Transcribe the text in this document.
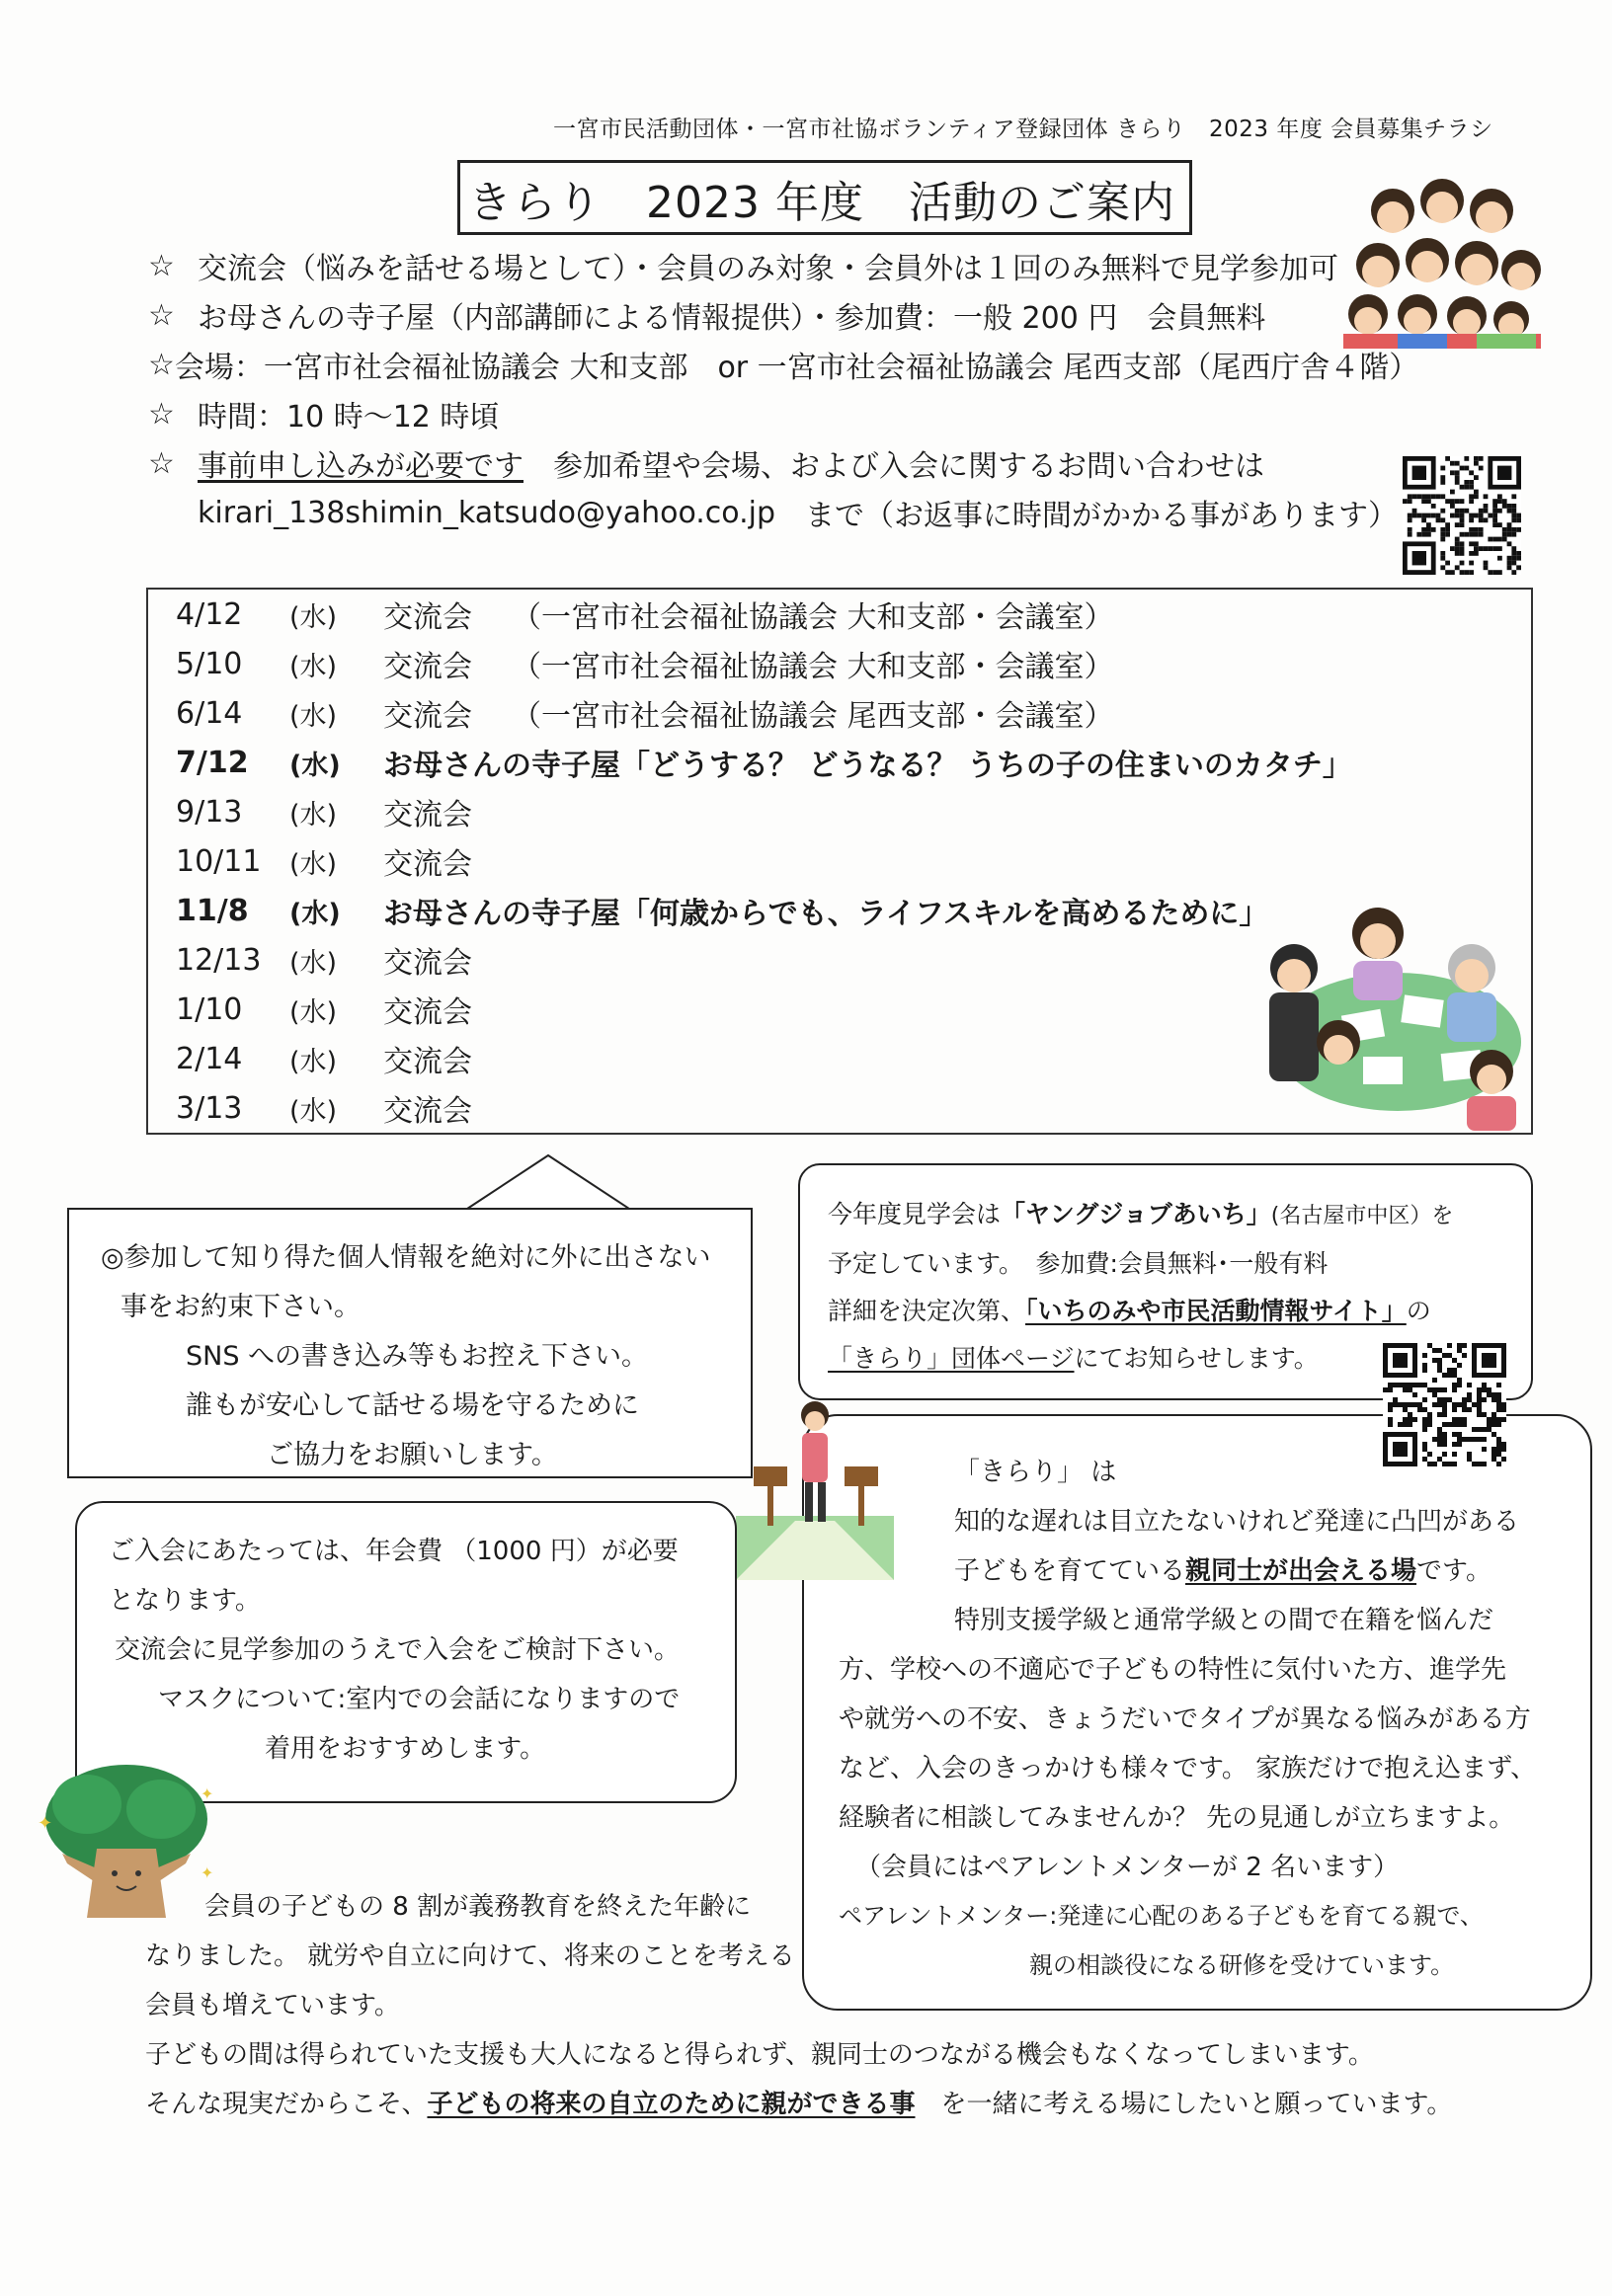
一宮市民活動団体・一宮市社協ボランティア登録団体 きらり　2023 年度 会員募集チラシ
きらり　2023 年度　活動のご案内
☆ 交流会（悩みを話せる場として）・会員のみ対象・会員外は１回のみ無料で見学参加可
☆ お母さんの寺子屋（内部講師による情報提供）・参加費：一般 200 円　会員無料
☆ 会場：一宮市社会福祉協議会 大和支部　or 一宮市社会福祉協議会 尾西支部（尾西庁舎４階）
☆ 時間：10 時～12 時頃
☆ 事前申し込みが必要です 　参加希望や会場、および入会に関するお問い合わせは
kirari_138shimin_katsudo@yahoo.co.jp 　まで（お返事に時間がかかる事があります）
4/12	(水)	交流会 （一宮市社会福祉協議会 大和支部・会議室）
5/10	(水)	交流会 （一宮市社会福祉協議会 大和支部・会議室）
6/14	(水)	交流会 （一宮市社会福祉協議会 尾西支部・会議室）
7/12	(水)	お母さんの寺子屋「どうする？ どうなる？ うちの子の住まいのカタチ」
9/13	(水)	交流会
10/11	(水)	交流会
11/8	(水)	お母さんの寺子屋「何歳からでも、ライフスキルを高めるために」
12/13	(水)	交流会
1/10	(水)	交流会
2/14	(水)	交流会
3/13	(水)	交流会
◎参加して知り得た個人情報を絶対に外に出さない
事をお約束下さい。
SNS への書き込み等もお控え下さい。
誰もが安心して話せる場を守るために
ご協力をお願いします。
今年度見学会は「ヤングジョブあいち」(名古屋市中区）を
予定しています。　参加費:会員無料･一般有料
詳細を決定次第、「いちのみや市民活動情報サイト」の
「きらり」団体ページにてお知らせします。
「きらり」 は
知的な遅れは目立たないけれど発達に凸凹がある
子どもを育てている親同士が出会える場です。
特別支援学級と通常学級との間で在籍を悩んだ
方、学校への不適応で子どもの特性に気付いた方、進学先
や就労への不安、きょうだいでタイプが異なる悩みがある方
など、入会のきっかけも様々です。 家族だけで抱え込まず、
経験者に相談してみませんか？ 先の見通しが立ちますよ。
（会員にはペアレントメンターが 2 名います）
ペアレントメンター:発達に心配のある子どもを育てる親で、
親の相談役になる研修を受けています。
ご入会にあたっては、年会費 （1000 円）が必要
となります。
交流会に見学参加のうえで入会をご検討下さい。
マスクについて:室内での会話になりますので
着用をおすすめします。
✦
✦
✦
会員の子どもの 8 割が義務教育を終えた年齢に
なりました。 就労や自立に向けて、将来のことを考える
会員も増えています。
子どもの間は得られていた支援も大人になると得られず、親同士のつながる機会もなくなってしまいます。
そんな現実だからこそ、子どもの将来の自立のために親ができる事　を一緒に考える場にしたいと願っています。
